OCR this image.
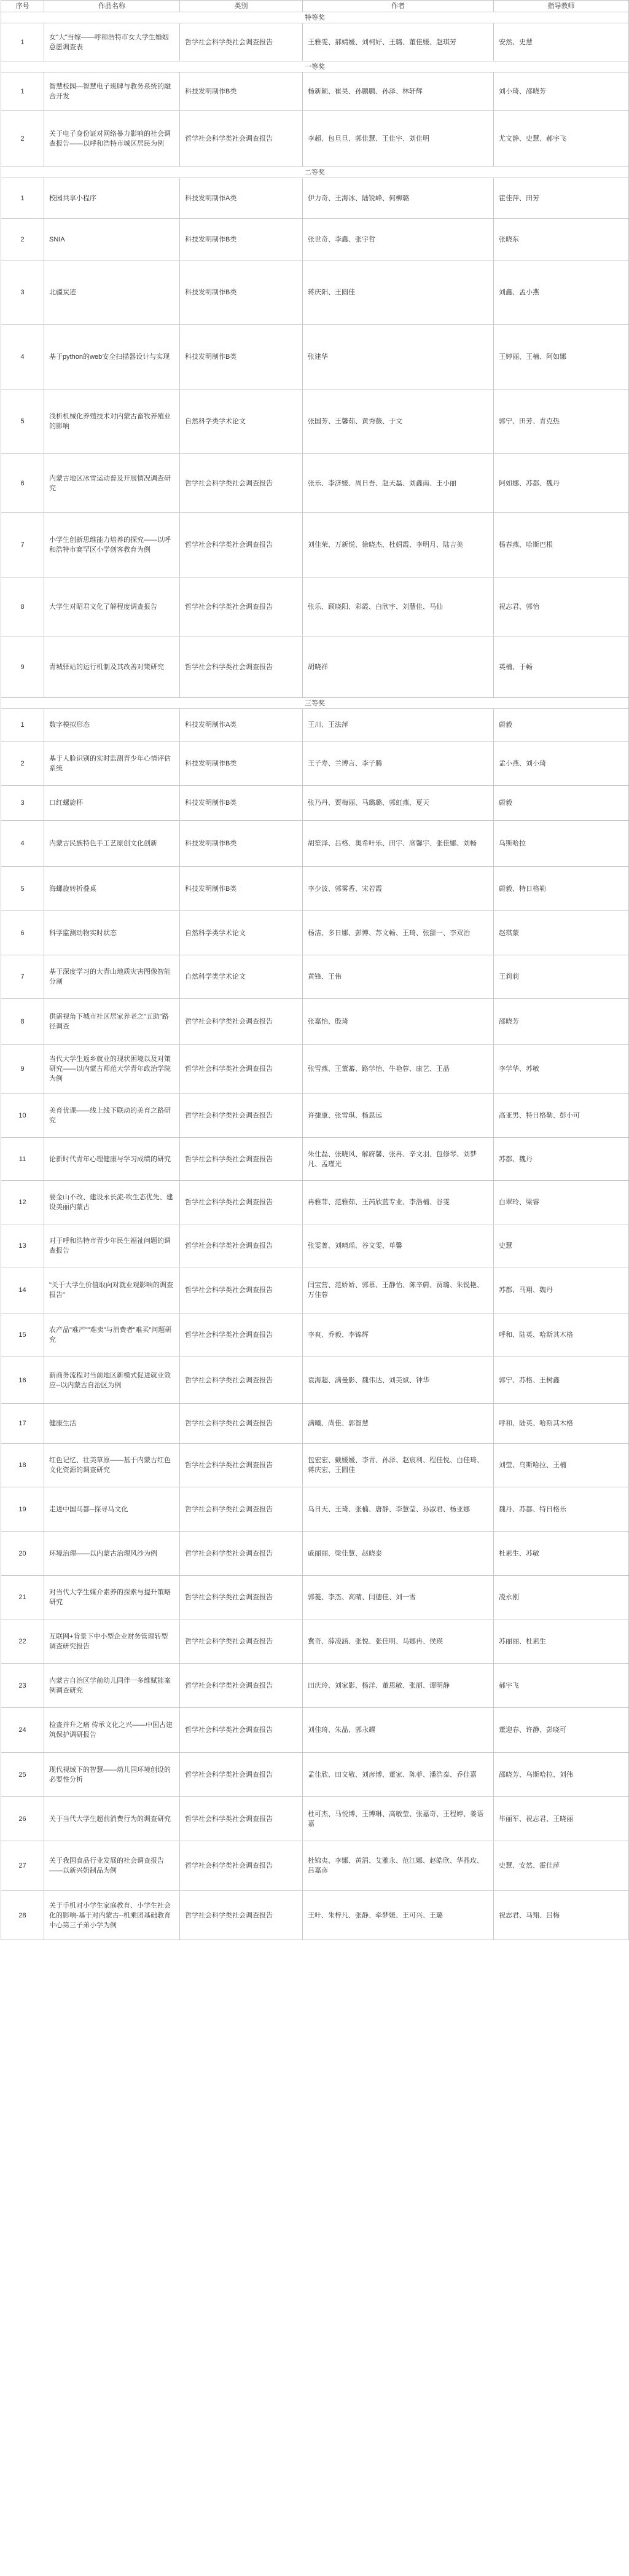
序号	作品名称	类别	作者	指导教师
特等奖				
1	女"大"当嫁——呼和浩特市女大学生婚姻意愿调查表	哲学社会科学类社会调查报告	王雅雯、郝婧媛、刘柯好、王璐、董佳媛、赵琪芳	安然、史慧
一等奖				
1	智慧校园—智慧电子班牌与教务系统的融合开发	科技发明制作B类	杨新颖、崔昊、孙鹏鹏、孙泽、林轩辉	刘小琦、邵晓芳
2	关于电子身份证对网络暴力影响的社会调查报告——以呼和浩特市城区居民为例	哲学社会科学类社会调查报告	李超、包旦旦、郭佳慧、王佳宇、刘佳明	尤文静、史慧、郝宇飞
二等奖				
1	校园共享小程序	科技发明制作A类	伊力奇、王海冰、陆锐峰、何柳璐	霍佳萍、田芳
2	SNIA	科技发明制作B类	张世奇、李鑫、张宇哲	张晓东
3	北疆炭迹	科技发明制作B类	蒋庆阳、王圆佳	刘鑫、孟小燕
4	基于python的web安全扫描器设计与实现	科技发明制作B类	张建华	王婷丽、王楠、阿如娜
5	浅析机械化养殖技术对内蒙古畜牧养殖业的影响	自然科学类学术论文	张国芳、王馨茹、黄秀薇、于文	郭宁、田芳、青克热
6	内蒙古地区冰雪运动普及开展情况调查研究	哲学社会科学类社会调查报告	张乐、李济媛、周日吾、赵天磊、刘鑫南、王小丽	阿如娜、苏都、魏丹
7	小学生创新思维能力培养的探究——以呼和浩特市赛罕区小学创客教育为例	哲学社会科学类社会调查报告	刘佳荣、万新悦、徐晓杰、杜娟霞、李明月、陆吉美	杨春燕、哈斯巴根
8	大学生对昭君文化了解程度调查报告	哲学社会科学类社会调查报告	张乐、顾晓阳、彩霞、白欣宇、刘慧佳、马仙	祝志君、郭怡
9	青城驿站的运行机制及其改善对策研究	哲学社会科学类社会调查报告	胡晓祥	英楠、于畅
三等奖				
1	数字模拟形态	科技发明制作A类	王川、王法萍	蔚毅
2	基于人脸识别的实时监测青少年心情评估系统	科技发明制作B类	王子寿、兰博言、李子腾	孟小燕、刘小琦
3	口红螺旋杯	科技发明制作B类	张乃丹、贾梅丽、马璐璐、郭虹燕、夏天	蔚毅
4	内蒙古民族特色手工艺原创文化创新	科技发明制作B类	胡笙泽、吕格、奥希叶乐、田宇、席馨宇、张佳娜、刘畅	乌斯哈拉
5	海螺旋转折叠桌	科技发明制作B类	李少波、郭雾香、宋若霞	蔚毅、特日格勒
6	科学监测动物实时状态	自然科学类学术论文	杨洁、多日娜、彭博、苏文畅、王琦、张甜一、李双治	赵琪蒙
7	基于深度学习的大青山地质灾害图像智能分割	自然科学类学术论文	黄锋、王伟	王莉莉
8	供需视角下城市社区居家养老之"五助"路径调查	哲学社会科学类社会调查报告	张嘉怡、殷琦	邵晓芳
9	当代大学生返乡就业的现状困境以及对策研究——以内蒙古师范大学青年政治学院为例	哲学社会科学类社会调查报告	张雪燕、王董蕃、路学怡、牛艳蓉、康艺、王晶	李学华、苏敏
10	美育优课——线上线下联动的美育之路研究	哲学社会科学类社会调查报告	许捷康、张雪琪、杨思远	高亚男、特日格勒、彭小可
11	论新时代青年心理健康与学习成绩的研究	哲学社会科学类社会调查报告	朱仕磊、张晓风、解府馨、张冉、辛文羽、包修琴、刘梦凡、孟瑾光	苏都、魏丹
12	要金山不改、建设永长流-吹生态优先、建设美丽内蒙古	哲学社会科学类社会调查报告	冉雅菲、范雅茹、王芮欣蓝专业、李浩楠、谷雯	白翠玲、梁睿
13	对于呼和浩特市青少年民生福祉问题的调查报告	哲学社会科学类社会调查报告	张雯菁、刘晴瑶、谷文雯、单馨	史慧
14	"关于大学生价值取向对就业观影响的调查报告"	哲学社会科学类社会调查报告	闫宝营、范娇娇、郭慕、王静怡、陈辛蔚、贾璐、朱锐艳、万佳蓉	苏都、马翔、魏丹
15	农产品"难产""难卖"与消费者"难买"问题研究	哲学社会科学类社会调查报告	李爽、乔毅、李锦辉	呼和、陆英、哈斯其木格
16	新商务流程对当前地区新模式促进就业效应--以内蒙古自治区为例	哲学社会科学类社会调查报告	袁海超、满曼影、魏伟达、刘美斌、钟华	郭宁、苏格、王树鑫
17	健康生活	哲学社会科学类社会调查报告	满曦、尚佳、郭智慧	呼和、陆英、哈斯其木格
18	红色记忆、壮美草原——基于内蒙古红色文化资源的调查研究	哲学社会科学类社会调查报告	包宏宏、戴媛媛、李青、孙泽、赵宸利、程佳悦、白佳琦、蒋庆宏、王圆佳	刘莹、乌斯哈拉、王楠
19	走进中国马都--探寻马文化	哲学社会科学类社会调查报告	乌日天、王琦、张楠、唐静、李慧莹、孙淑君、杨亚娜	魏丹、苏都、特日格乐
20	环境治理——以内蒙古治理风沙为例	哲学社会科学类社会调查报告	戚丽丽、梁佳慧、赵晓泰	杜素生、苏敏
21	对当代大学生媒介素养的探索与提升策略研究	哲学社会科学类社会调查报告	郭菱、李杰、高晴、闫德佳、刘一雪	凌永刚
22	互联网+背景下中小型企业财务管理转型调查研究报告	哲学社会科学类社会调查报告	冀奇、薛凌涵、张悦、张佳明、马娜冉、侯瑛	苏丽丽、杜素生
23	内蒙古自治区学前幼儿同伴一多维赋能案例调查研究	哲学社会科学类社会调查报告	田庆玲、刘家影、杨洋、董思敏、张丽、谭明静	郝宇飞
24	检查并升之痛 传承文化之兴——中国古建筑保护调研报告	哲学社会科学类社会调查报告	刘佳琦、朱晶、郭永耀	董迎春、许静、彭晓可
25	现代视域下的智慧——幼儿园环境创设的必要性分析	哲学社会科学类社会调查报告	孟佳欣、田文敬、刘彦博、董家、陈菲、潘浩泰、乔佳嘉	邵晓芳、乌斯哈拉、刘伟
26	关于当代大学生超前消费行为的调查研究	哲学社会科学类社会调查报告	杜可杰、马悦博、王博琳、高敏莹、张嘉奇、王程婷、姜语嘉	毕丽军、祝志君、王晓丽
27	关于我国食品行业发展的社会调查报告——以新兴奶制品为例	哲学社会科学类社会调查报告	杜锦夷、李娜、黄涓、艾雅永、范江娜、赵皓欣、华晶玫、吕嘉彦	史慧、安然、霍佳萍
28	关于手机对小学生家庭教育、小学生社会化的影响-基于对内蒙古--机乘团基础教育中心第三子弟小学为例	哲学社会科学类社会调查报告	王叶、朱梓凡、张静、牵梦媛、王可兴、王璐	祝志君、马翔、吕梅
